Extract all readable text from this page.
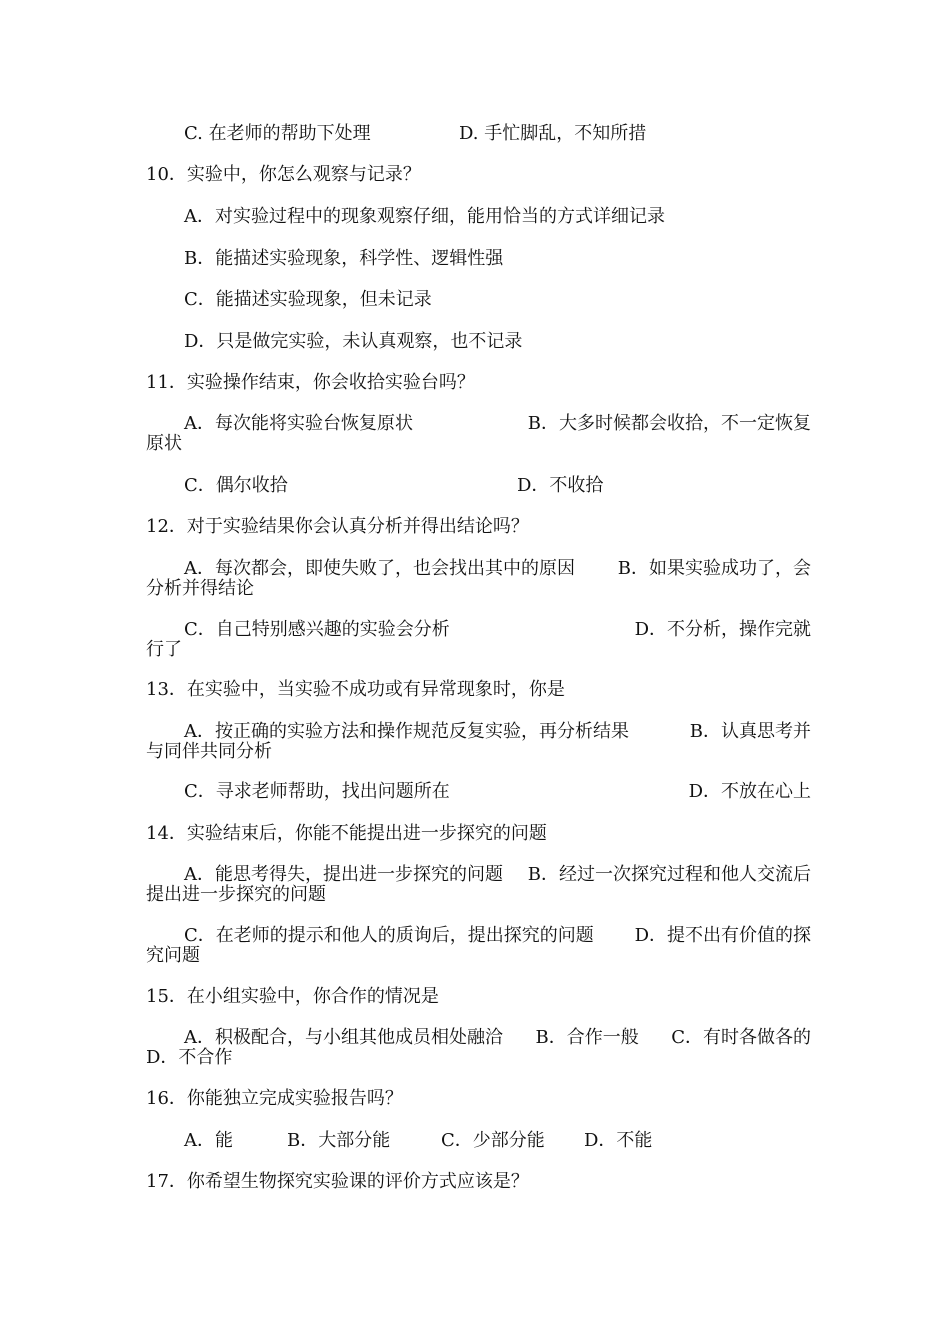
C. 在老师的帮助下处理	D. 手忙脚乱，不知所措
10．实验中，你怎么观察与记录？
A．对实验过程中的现象观察仔细，能用恰当的方式详细记录
B．能描述实验现象，科学性、逻辑性强
C．能描述实验现象，但未记录
D．只是做完实验，未认真观察，也不记录
11．实验操作结束，你会收拾实验台吗？
A．每次能将实验台恢复原状	B．大多时候都会收拾，不一定恢复
原状
C．偶尔收拾	D．不收拾
12．对于实验结果你会认真分析并得出结论吗？
A．每次都会，即使失败了，也会找出其中的原因 B．如果实验成功了，会
分析并得结论
C．自己特别感兴趣的实验会分析	D．不分析，操作完就
行了
13．在实验中，当实验不成功或有异常现象时，你是
A．按正确的实验方法和操作规范反复实验，再分析结果	B．认真思考并
与同伴共同分析
C．寻求老师帮助，找出问题所在	D．不放在心上
14．实验结束后，你能不能提出进一步探究的问题
A．能思考得失，提出进一步探究的问题 B．经过一次探究过程和他人交流后
提出进一步探究的问题
C．在老师的提示和他人的质询后，提出探究的问题 D．提不出有价值的探
究问题
15．在小组实验中，你合作的情况是
A．积极配合，与小组其他成员相处融洽 B．合作一般 C．有时各做各的
D．不合作
16．你能独立完成实验报告吗？
A．能	B．大部分能	C．少部分能 D．不能
17．你希望生物探究实验课的评价方式应该是？
